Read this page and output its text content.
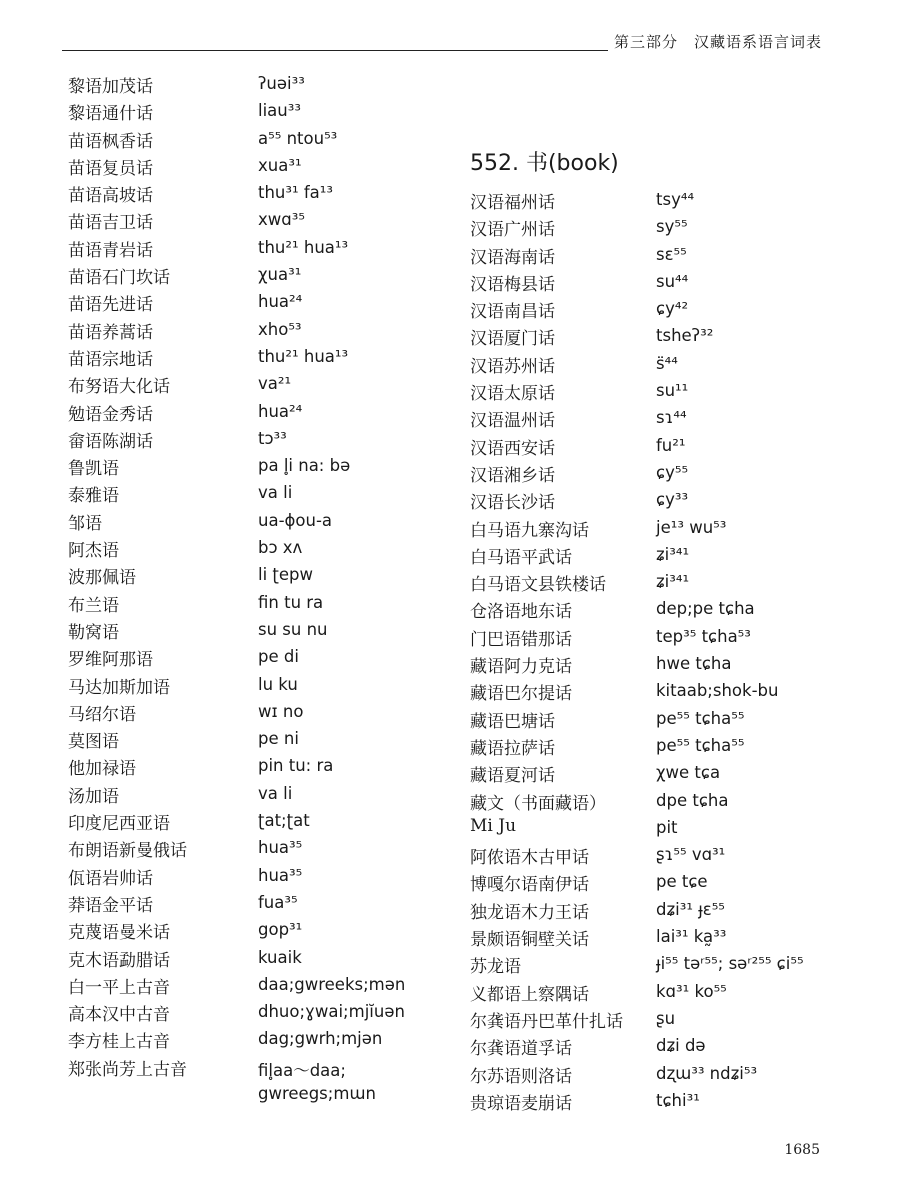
第三部分　汉藏语系语言词表
黎语加茂话	ʔuəi³³
黎语通什话	liau³³
苗语枫香话	a⁵⁵ ntou⁵³
苗语复员话	xua³¹
苗语高坡话	thu³¹ fa¹³
苗语吉卫话	xwɑ³⁵
苗语青岩话	thu²¹ hua¹³
苗语石门坎话	χua³¹
苗语先进话	hua²⁴
苗语养蒿话	xho⁵³
苗语宗地话	thu²¹ hua¹³
布努语大化话	va²¹
勉语金秀话	hua²⁴
畲语陈湖话	tɔ³³
鲁凯语	pa l̥i na: bə
泰雅语	va li
邹语	ua-ɸou-a
阿杰语	bɔ xʌ
波那佩语	li ʈepw
布兰语	fin tu ra
勒窝语	su su nu
罗维阿那语	pe di
马达加斯加语	lu ku
马绍尔语	wɪ no
莫图语	pe ni
他加禄语	pin tu: ra
汤加语	va li
印度尼西亚语	ʈat;ʈat
布朗语新曼俄话	hua³⁵
佤语岩帅话	hua³⁵
莽语金平话	fua³⁵
克蔑语曼米话	gop³¹
克木语勐腊话	kuaik
白一平上古音	daa;gwreeks;mən
高本汉中古音	dhuo;ɣwai;mjĭuən
李方桂上古音	dag;gwrh;mjən
郑张尚芳上古音	fil̥aa～daa;
gwreegs;mɯn
552. 书(book)
汉语福州话	tsy⁴⁴
汉语广州话	sy⁵⁵
汉语海南话	sɛ⁵⁵
汉语梅县话	su⁴⁴
汉语南昌话	ɕy⁴²
汉语厦门话	tsheʔ³²
汉语苏州话	s̈⁴⁴
汉语太原话	su¹¹
汉语温州话	sɿ⁴⁴
汉语西安话	fu²¹
汉语湘乡话	ɕy⁵⁵
汉语长沙话	ɕy³³
白马语九寨沟话	je¹³ wu⁵³
白马语平武话	ʑi³⁴¹
白马语文县铁楼话	ʑi³⁴¹
仓洛语地东话	dep;pe tɕha
门巴语错那话	tep³⁵ tɕha⁵³
藏语阿力克话	hwe tɕha
藏语巴尔提话	kitaab;shok-bu
藏语巴塘话	pe⁵⁵ tɕha⁵⁵
藏语拉萨话	pe⁵⁵ tɕha⁵⁵
藏语夏河话	χwe tɕa
藏文（书面藏语）	dpe tɕha
Mi Ju	pit
阿侬语木古甲话	ʂɿ⁵⁵ vɑ³¹
博嘎尔语南伊话	pe tɕe
独龙语木力王话	dʑi³¹ ɟɛ⁵⁵
景颇语铜壁关话	lai³¹ ka̰³³
苏龙语	ɟi⁵⁵ təʳ⁵⁵; səʳ²⁵⁵ ɕi⁵⁵
义都语上察隅话	kɑ³¹ ko⁵⁵
尔龚语丹巴革什扎话 ʂu
尔龚语道孚话	dʑi də
尔苏语则洛话	dʐɯ³³ ndʑi⁵³
贵琼语麦崩话	tɕhi³¹
1685
